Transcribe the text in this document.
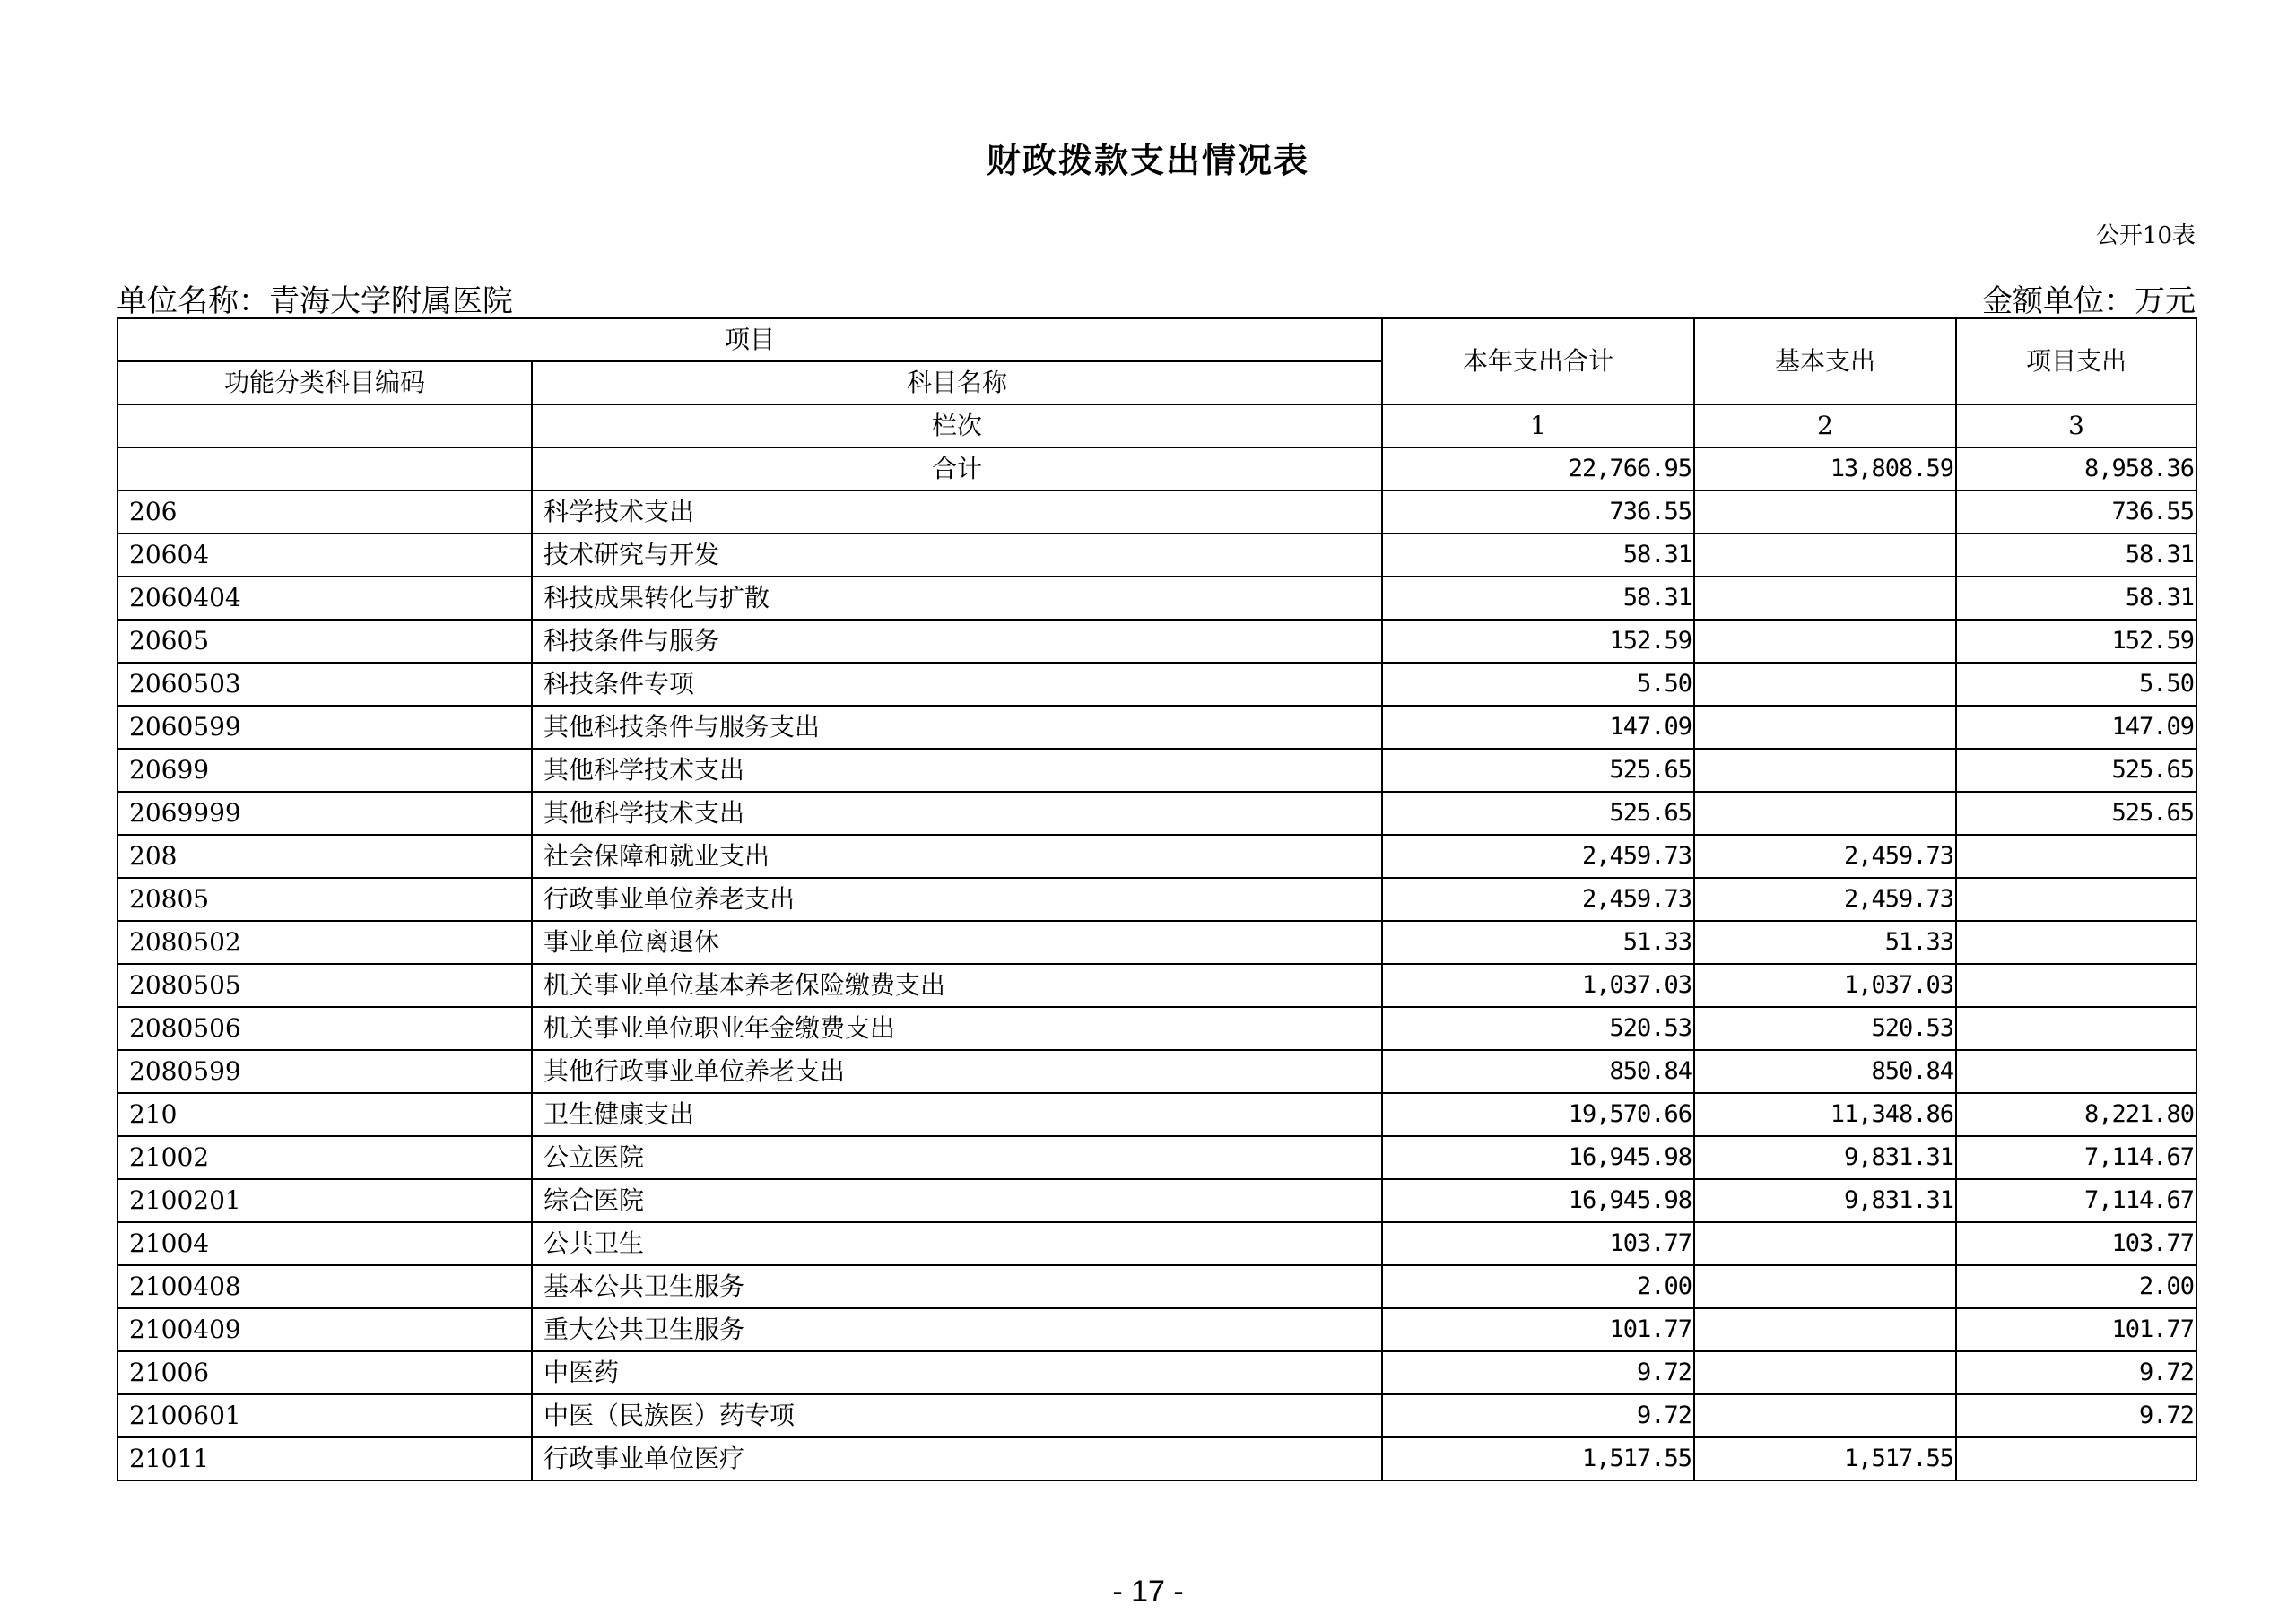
财政拨款支出情况表
公开10表
单位名称：青海大学附属医院	金额单位：万元
项目		本年支出合计	基本支出	项目支出
功能分类科目编码	科目名称			
	栏次	1	2	3
	合计	22,766.95	13,808.59	8,958.36
206	科学技术支出	736.55		736.55
20604	技术研究与开发	58.31		58.31
2060404	科技成果转化与扩散	58.31		58.31
20605	科技条件与服务	152.59		152.59
2060503	科技条件专项	5.50		5.50
2060599	其他科技条件与服务支出	147.09		147.09
20699	其他科学技术支出	525.65		525.65
2069999	其他科学技术支出	525.65		525.65
208	社会保障和就业支出	2,459.73	2,459.73	
20805	行政事业单位养老支出	2,459.73	2,459.73	
2080502	事业单位离退休	51.33	51.33	
2080505	机关事业单位基本养老保险缴费支出	1,037.03	1,037.03	
2080506	机关事业单位职业年金缴费支出	520.53	520.53	
2080599	其他行政事业单位养老支出	850.84	850.84	
210	卫生健康支出	19,570.66	11,348.86	8,221.80
21002	公立医院	16,945.98	9,831.31	7,114.67
2100201	综合医院	16,945.98	9,831.31	7,114.67
21004	公共卫生	103.77		103.77
2100408	基本公共卫生服务	2.00		2.00
2100409	重大公共卫生服务	101.77		101.77
21006	中医药	9.72		9.72
2100601	中医（民族医）药专项	9.72		9.72
21011	行政事业单位医疗	1,517.55	1,517.55	
- 17 -
